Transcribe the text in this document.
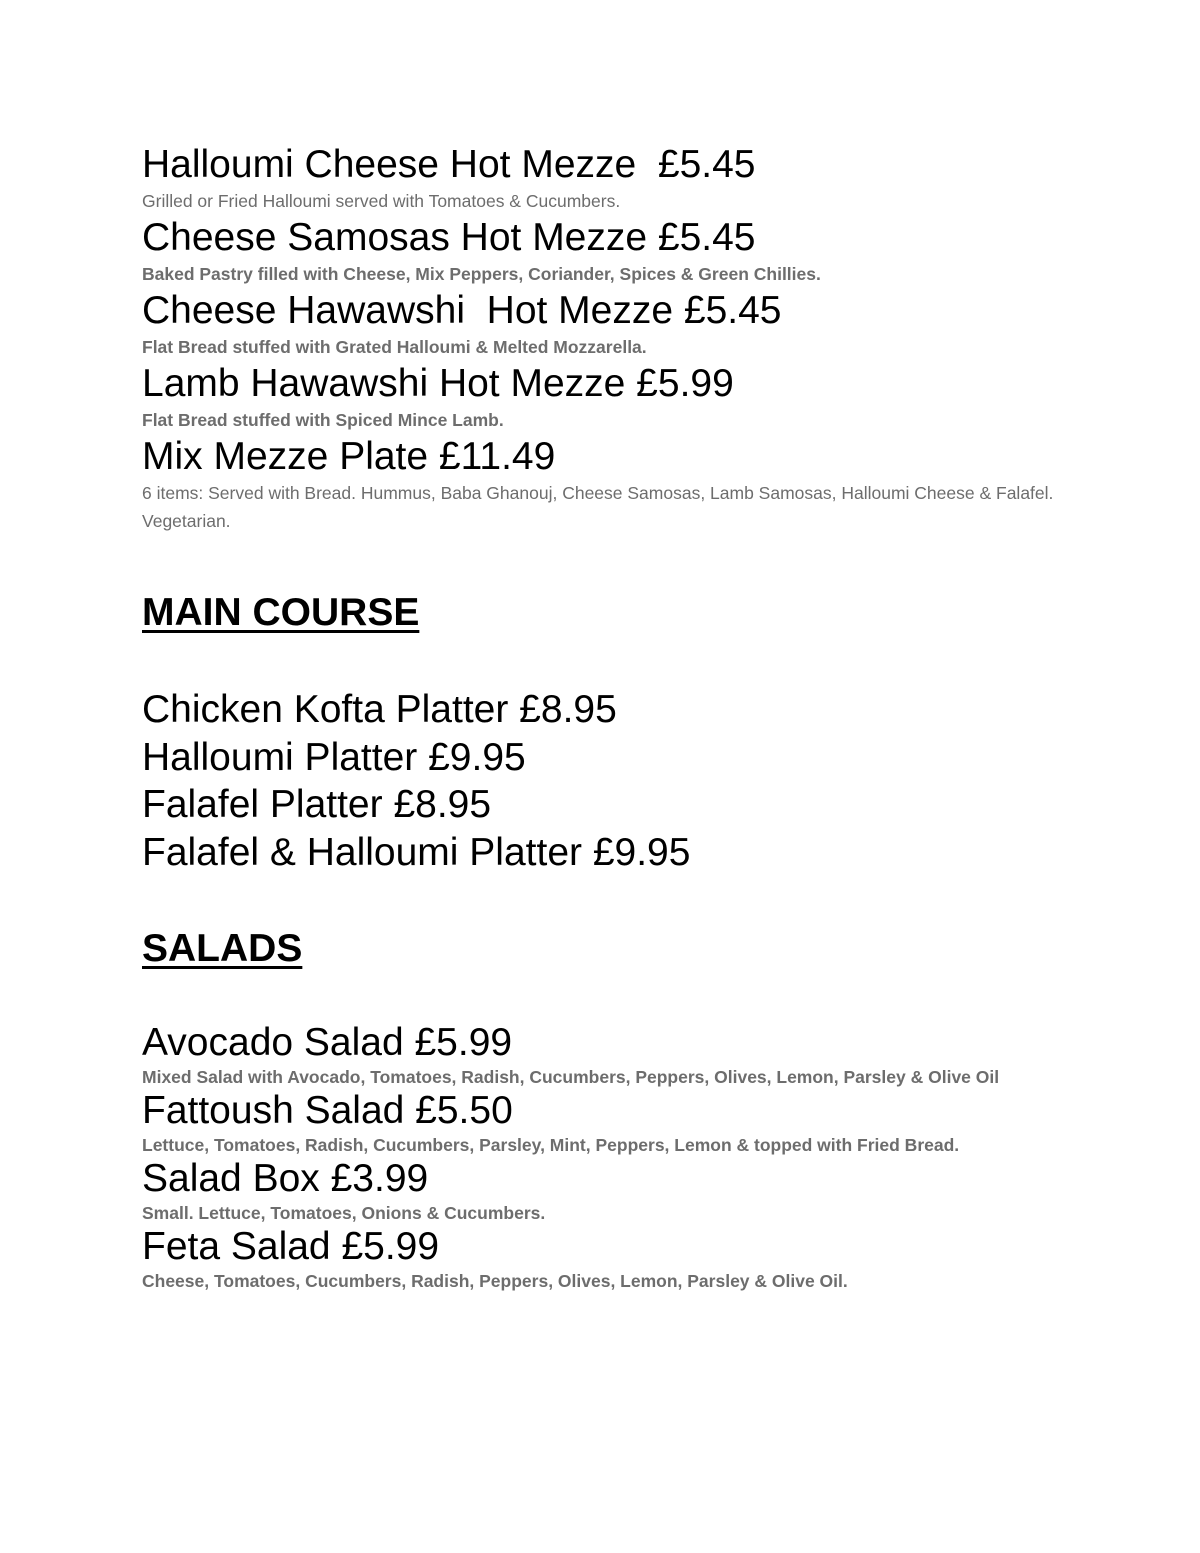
Halloumi Cheese Hot Mezze  £5.45

Grilled or Fried Halloumi served with Tomatoes & Cucumbers.

Cheese Samosas Hot Mezze £5.45

Baked Pastry filled with Cheese, Mix Peppers, Coriander, Spices & Green Chillies.

Cheese Hawawshi  Hot Mezze £5.45

Flat Bread stuffed with Grated Halloumi & Melted Mozzarella.

Lamb Hawawshi Hot Mezze £5.99

Flat Bread stuffed with Spiced Mince Lamb.

Mix Mezze Plate £11.49

6 items: Served with Bread. Hummus, Baba Ghanouj, Cheese Samosas, Lamb Samosas, Halloumi Cheese & Falafel.

Vegetarian.

MAIN COURSE
Chicken Kofta Platter £8.95
Halloumi Platter £9.95
Falafel Platter £8.95
Falafel & Halloumi Platter £9.95
SALADS
Avocado Salad £5.99

Mixed Salad with Avocado, Tomatoes, Radish, Cucumbers, Peppers, Olives, Lemon, Parsley & Olive Oil

Fattoush Salad £5.50

Lettuce, Tomatoes, Radish, Cucumbers, Parsley, Mint, Peppers, Lemon & topped with Fried Bread.

Salad Box £3.99

Small. Lettuce, Tomatoes, Onions & Cucumbers.

Feta Salad £5.99

Cheese, Tomatoes, Cucumbers, Radish, Peppers, Olives, Lemon, Parsley & Olive Oil.
